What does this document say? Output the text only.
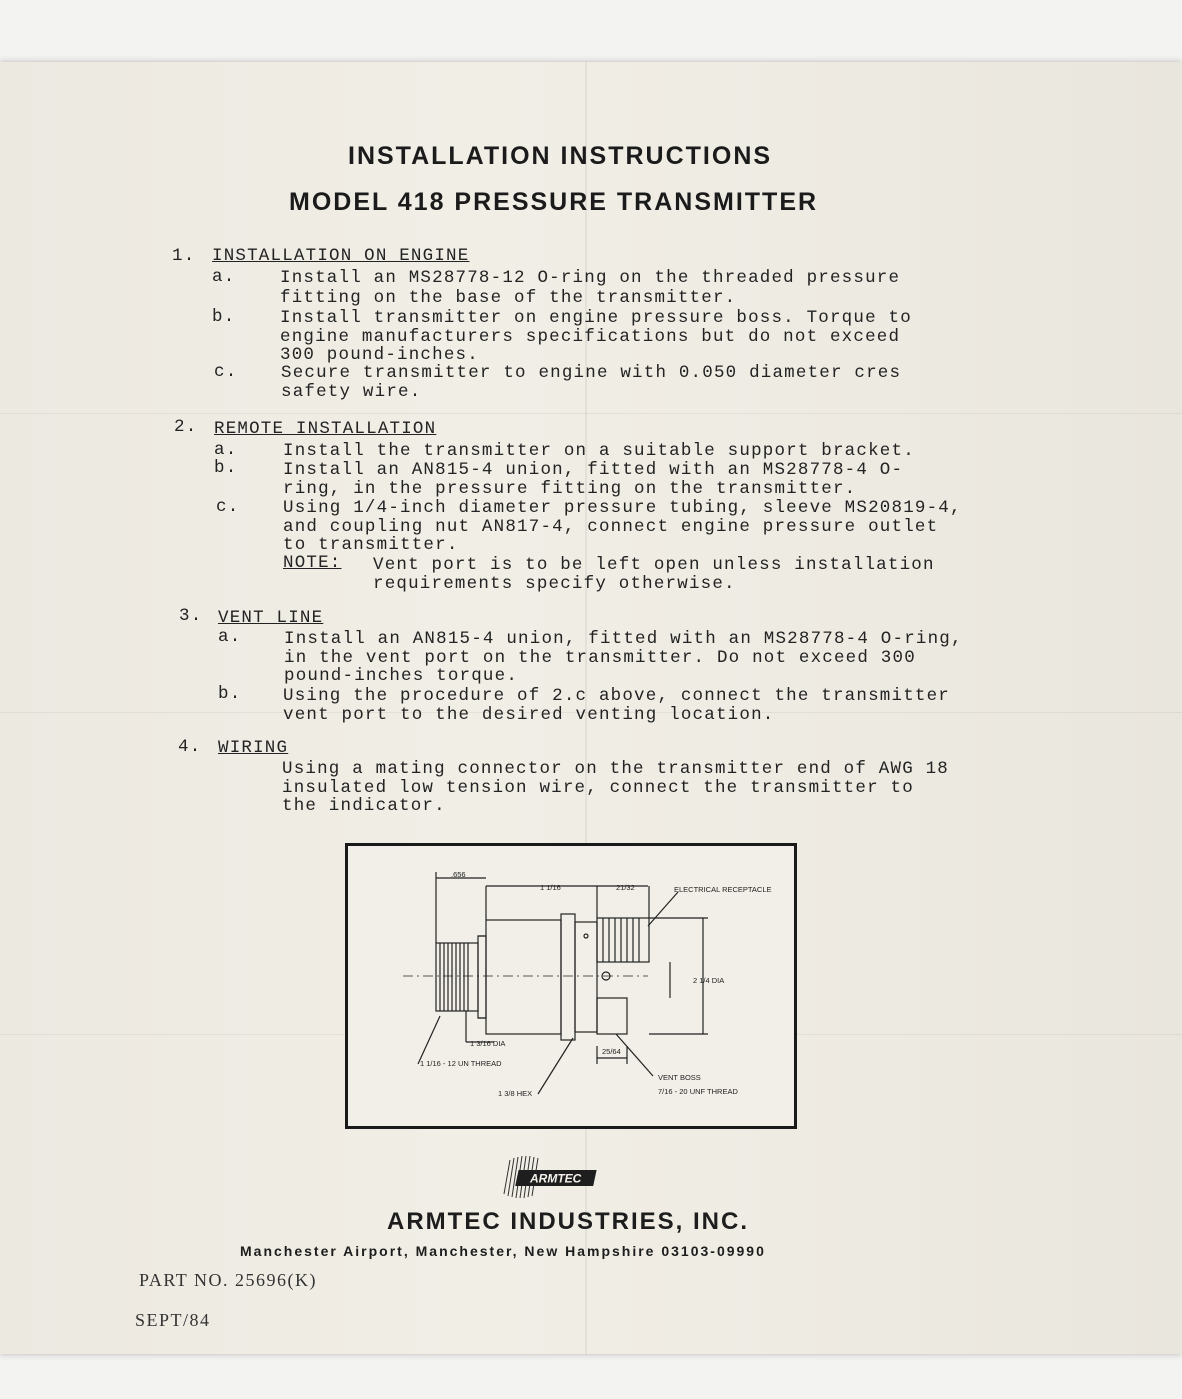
INSTALLATION INSTRUCTIONS
MODEL 418 PRESSURE TRANSMITTER
1. INSTALLATION ON ENGINE
a.	Install an MS28778-12 O-ring on the threaded pressure
fitting on the base of the transmitter.
b.	Install transmitter on engine pressure boss. Torque to
engine manufacturers specifications but do not exceed
300 pound-inches.
c. Secure transmitter to engine with 0.050 diameter cres
safety wire.
2. REMOTE INSTALLATION
a.	Install the transmitter on a suitable support bracket.
b.	Install an AN815-4 union, fitted with an MS28778-4 O-
ring, in the pressure fitting on the transmitter.
c. Using 1/4-inch diameter pressure tubing, sleeve MS20819-4,
and coupling nut AN817-4, connect engine pressure outlet
to transmitter.
NOTE: Vent port is to be left open unless installation
requirements specify otherwise.
3. VENT LINE
a. Install an AN815-4 union, fitted with an MS28778-4 O-ring,
in the vent port on the transmitter. Do not exceed 300
pound-inches torque.
b. Using the procedure of 2.c above, connect the transmitter
vent port to the desired venting location.
4. WIRING
Using a mating connector on the transmitter end of AWG 18
insulated low tension wire, connect the transmitter to
the indicator.
.656
1 1/16	21/32	ELECTRICAL RECEPTACLE
2 1/4 DIA
1 3/16 DIA
1 1/16 - 12 UN THREAD
1 3/8 HEX
25/64
VENT BOSS
7/16 - 20 UNF THREAD
ARMTEC
ARMTEC INDUSTRIES, INC.
Manchester Airport, Manchester, New Hampshire 03103-09990
PART NO. 25696(K)
SEPT/84
